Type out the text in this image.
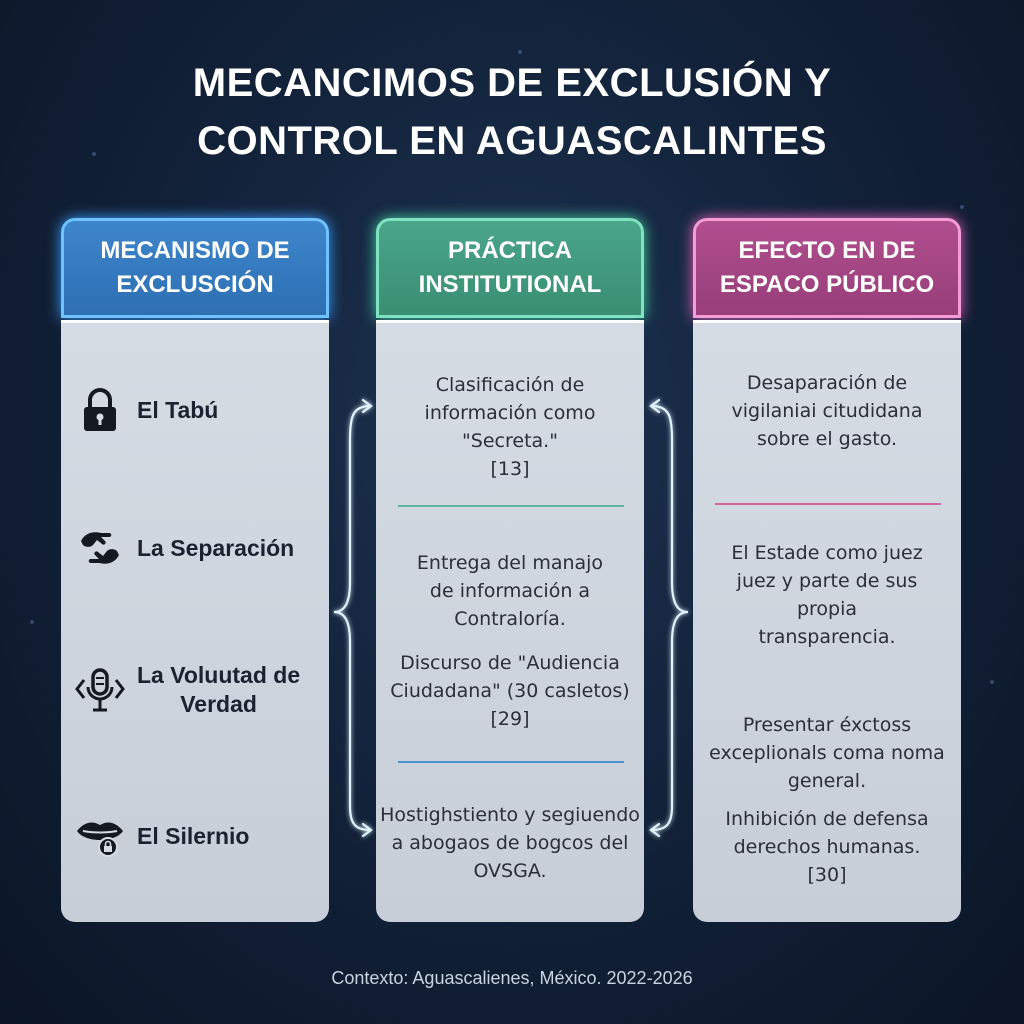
MECANCIMOS DE EXCLUSIÓN Y
CONTROL EN AGUASCALINTES
MECANISMO DE
EXCLUSCIÓN
El Tabú
La Separación
La Voluutad de
Verdad
El Silernio
PRÁCTICA
INSTITUTIONAL
Clasificación de
información como
"Secreta."
[13]
Entrega del manajo
de información a
Contraloría.
Discurso de "Audiencia
Ciudadana" (30 casletos)
[29]
Hostighstiento y segiuendo
a abogaos de bogcos del
OVSGA.
EFECTO EN DE
ESPACO PÚBLICO
Desaparación de
vigilaniai citudidana
sobre el gasto.
El Estade como juez
juez y parte de sus
propia
transparencia.
Presentar éxctoss
exceplionals coma noma
general.
Inhibición de defensa
derechos humanas.
[30]
Contexto: Aguascalienes, México. 2022-2026
